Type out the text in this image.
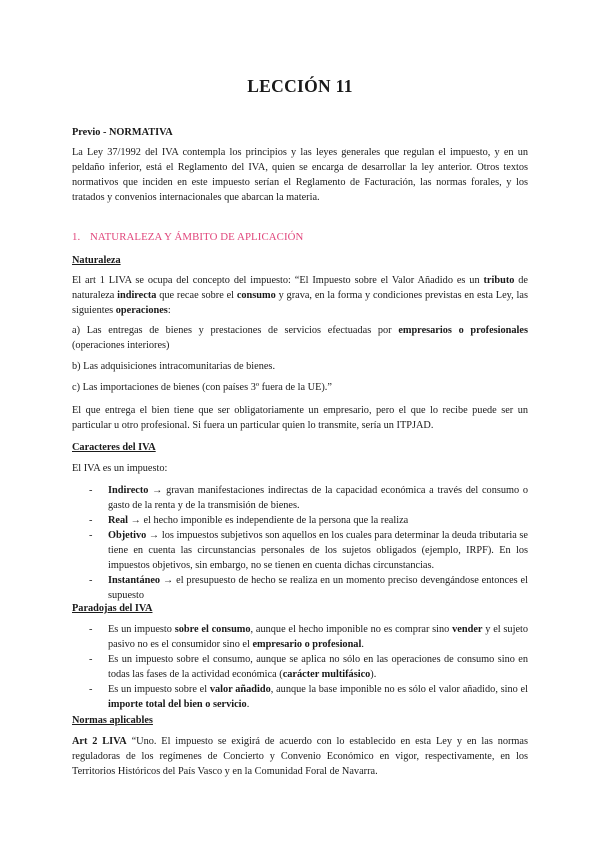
LECCIÓN 11
Previo - NORMATIVA
La Ley 37/1992 del IVA contempla los principios y las leyes generales que regulan el impuesto, y en un peldaño inferior, está el Reglamento del IVA, quien se encarga de desarrollar la ley anterior. Otros textos normativos que inciden en este impuesto serían el Reglamento de Facturación, las normas forales, y los tratados y convenios internacionales que abarcan la materia.
1. NATURALEZA Y ÁMBITO DE APLICACIÓN
Naturaleza
El art 1 LIVA se ocupa del concepto del impuesto: “El Impuesto sobre el Valor Añadido es un tributo de naturaleza indirecta que recae sobre el consumo y grava, en la forma y condiciones previstas en esta Ley, las siguientes operaciones:
a) Las entregas de bienes y prestaciones de servicios efectuadas por empresarios o profesionales (operaciones interiores)
b) Las adquisiciones intracomunitarias de bienes.
c) Las importaciones de bienes (con países 3º fuera de la UE).”
El que entrega el bien tiene que ser obligatoriamente un empresario, pero el que lo recibe puede ser un particular u otro profesional. Si fuera un particular quien lo transmite, sería un ITPJAD.
Caracteres del IVA
El IVA es un impuesto:
- Indirecto → gravan manifestaciones indirectas de la capacidad económica a través del consumo o gasto de la renta y de la transmisión de bienes.
- Real → el hecho imponible es independiente de la persona que la realiza
- Objetivo → los impuestos subjetivos son aquellos en los cuales para determinar la deuda tributaria se tiene en cuenta las circunstancias personales de los sujetos obligados (ejemplo, IRPF). En los impuestos objetivos, sin embargo, no se tienen en cuenta dichas circunstancias.
- Instantáneo → el presupuesto de hecho se realiza en un momento preciso devengándose entonces el supuesto
Paradojas del IVA
- Es un impuesto sobre el consumo, aunque el hecho imponible no es comprar sino vender y el sujeto pasivo no es el consumidor sino el empresario o profesional.
- Es un impuesto sobre el consumo, aunque se aplica no sólo en las operaciones de consumo sino en todas las fases de la actividad económica (carácter multifásico).
- Es un impuesto sobre el valor añadido, aunque la base imponible no es sólo el valor añadido, sino el importe total del bien o servicio.
Normas aplicables
Art 2 LIVA “Uno. El impuesto se exigirá de acuerdo con lo establecido en esta Ley y en las normas reguladoras de los regímenes de Concierto y Convenio Económico en vigor, respectivamente, en los Territorios Históricos del País Vasco y en la Comunidad Foral de Navarra.
